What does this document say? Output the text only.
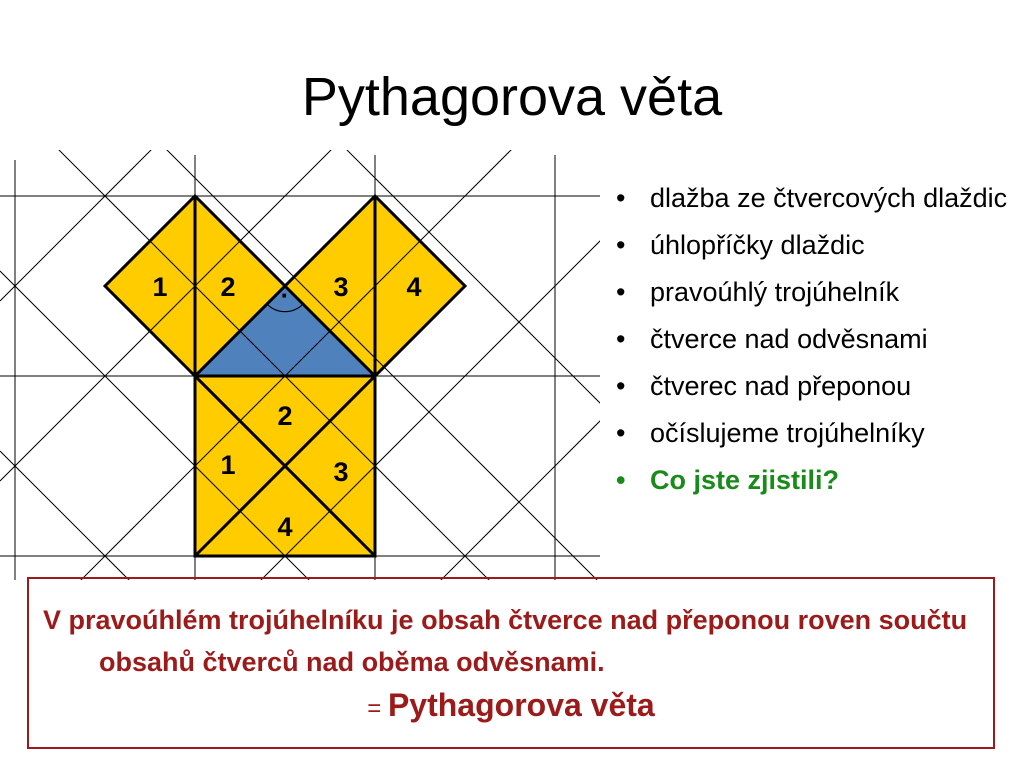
Pythagorova věta
·
1 2	3 4
1
2
3
4
• dlažba ze čtvercových dlaždic
• úhlopříčky dlaždic
• pravoúhlý trojúhelník
• čtverce nad odvěsnami
• čtverec nad přeponou
• očíslujeme trojúhelníky
• Co jste zjistili?

V pravoúhlém trojúhelníku je obsah čtverce nad přeponou roven součtu obsahů čtverců nad oběma odvěsnami.

= Pythagorova věta
